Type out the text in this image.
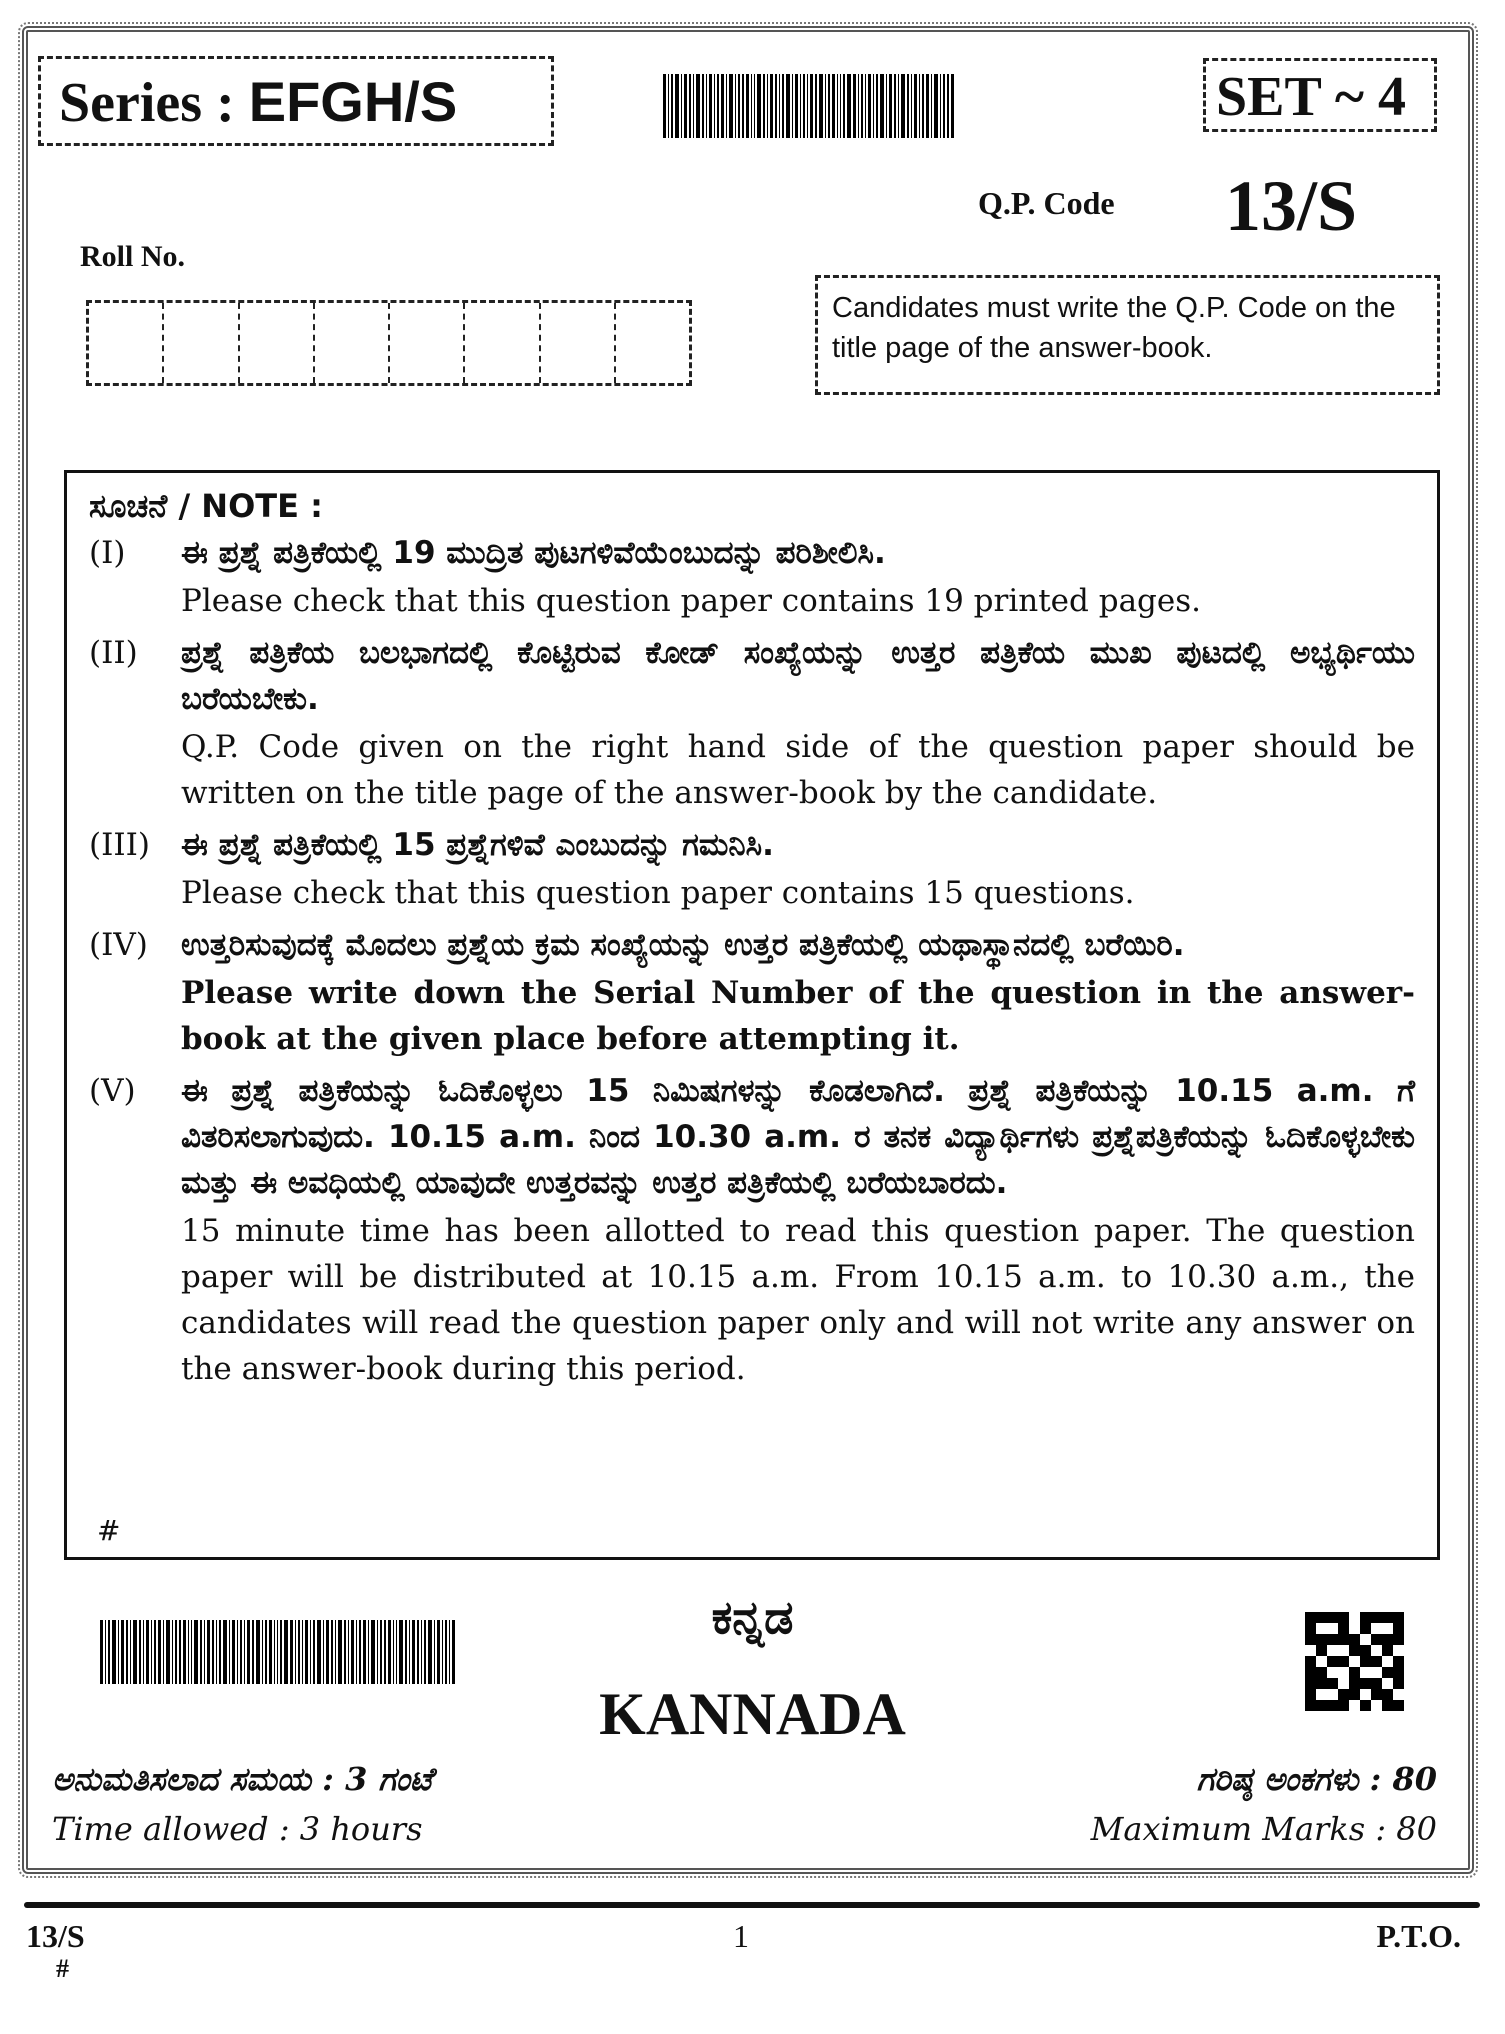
Series : EFGH/S	SET ~ 4
Q.P. Code 13/S
Roll No.
Candidates must write the Q.P. Code on the title page of the answer-book.
ಸೂಚನೆ / NOTE :
(I)	ಈ ಪ್ರಶ್ನೆ ಪತ್ರಿಕೆಯಲ್ಲಿ 19 ಮುದ್ರಿತ ಪುಟಗಳಿವೆಯೆಂಬುದನ್ನು ಪರಿಶೀಲಿಸಿ.
Please check that this question paper contains 19 printed pages.
(II)	ಪ್ರಶ್ನೆ ಪತ್ರಿಕೆಯ ಬಲಭಾಗದಲ್ಲಿ ಕೊಟ್ಟಿರುವ ಕೋಡ್ ಸಂಖ್ಯೆಯನ್ನು ಉತ್ತರ ಪತ್ರಿಕೆಯ ಮುಖ ಪುಟದಲ್ಲಿ ಅಭ್ಯರ್ಥಿಯು ಬರೆಯಬೇಕು.
Q.P. Code given on the right hand side of the question paper should be written on the title page of the answer-book by the candidate.
(III)	ಈ ಪ್ರಶ್ನೆ ಪತ್ರಿಕೆಯಲ್ಲಿ 15 ಪ್ರಶ್ನೆಗಳಿವೆ ಎಂಬುದನ್ನು ಗಮನಿಸಿ.
Please check that this question paper contains 15 questions.
(IV)	ಉತ್ತರಿಸುವುದಕ್ಕೆ ಮೊದಲು ಪ್ರಶ್ನೆಯ ಕ್ರಮ ಸಂಖ್ಯೆಯನ್ನು ಉತ್ತರ ಪತ್ರಿಕೆಯಲ್ಲಿ ಯಥಾಸ್ಥಾನದಲ್ಲಿ ಬರೆಯಿರಿ.
Please write down the Serial Number of the question in the answer-book at the given place before attempting it.
(V)	ಈ ಪ್ರಶ್ನೆ ಪತ್ರಿಕೆಯನ್ನು ಓದಿಕೊಳ್ಳಲು 15 ನಿಮಿಷಗಳನ್ನು ಕೊಡಲಾಗಿದೆ. ಪ್ರಶ್ನೆ ಪತ್ರಿಕೆಯನ್ನು 10.15 a.m. ಗೆ ವಿತರಿಸಲಾಗುವುದು. 10.15 a.m. ನಿಂದ 10.30 a.m. ರ ತನಕ ವಿದ್ಯಾರ್ಥಿಗಳು ಪ್ರಶ್ನೆಪತ್ರಿಕೆಯನ್ನು ಓದಿಕೊಳ್ಳಬೇಕು ಮತ್ತು ಈ ಅವಧಿಯಲ್ಲಿ ಯಾವುದೇ ಉತ್ತರವನ್ನು ಉತ್ತರ ಪತ್ರಿಕೆಯಲ್ಲಿ ಬರೆಯಬಾರದು.
15 minute time has been allotted to read this question paper. The question paper will be distributed at 10.15 a.m. From 10.15 a.m. to 10.30 a.m., the candidates will read the question paper only and will not write any answer on the answer-book during this period.
#
ಕನ್ನಡ
KANNADA
ಅನುಮತಿಸಲಾದ ಸಮಯ : 3 ಗಂಟೆ	ಗರಿಷ್ಠ ಅಂಕಗಳು : 80
Time allowed : 3 hours	Maximum Marks : 80
13/S
#
1	P.T.O.
